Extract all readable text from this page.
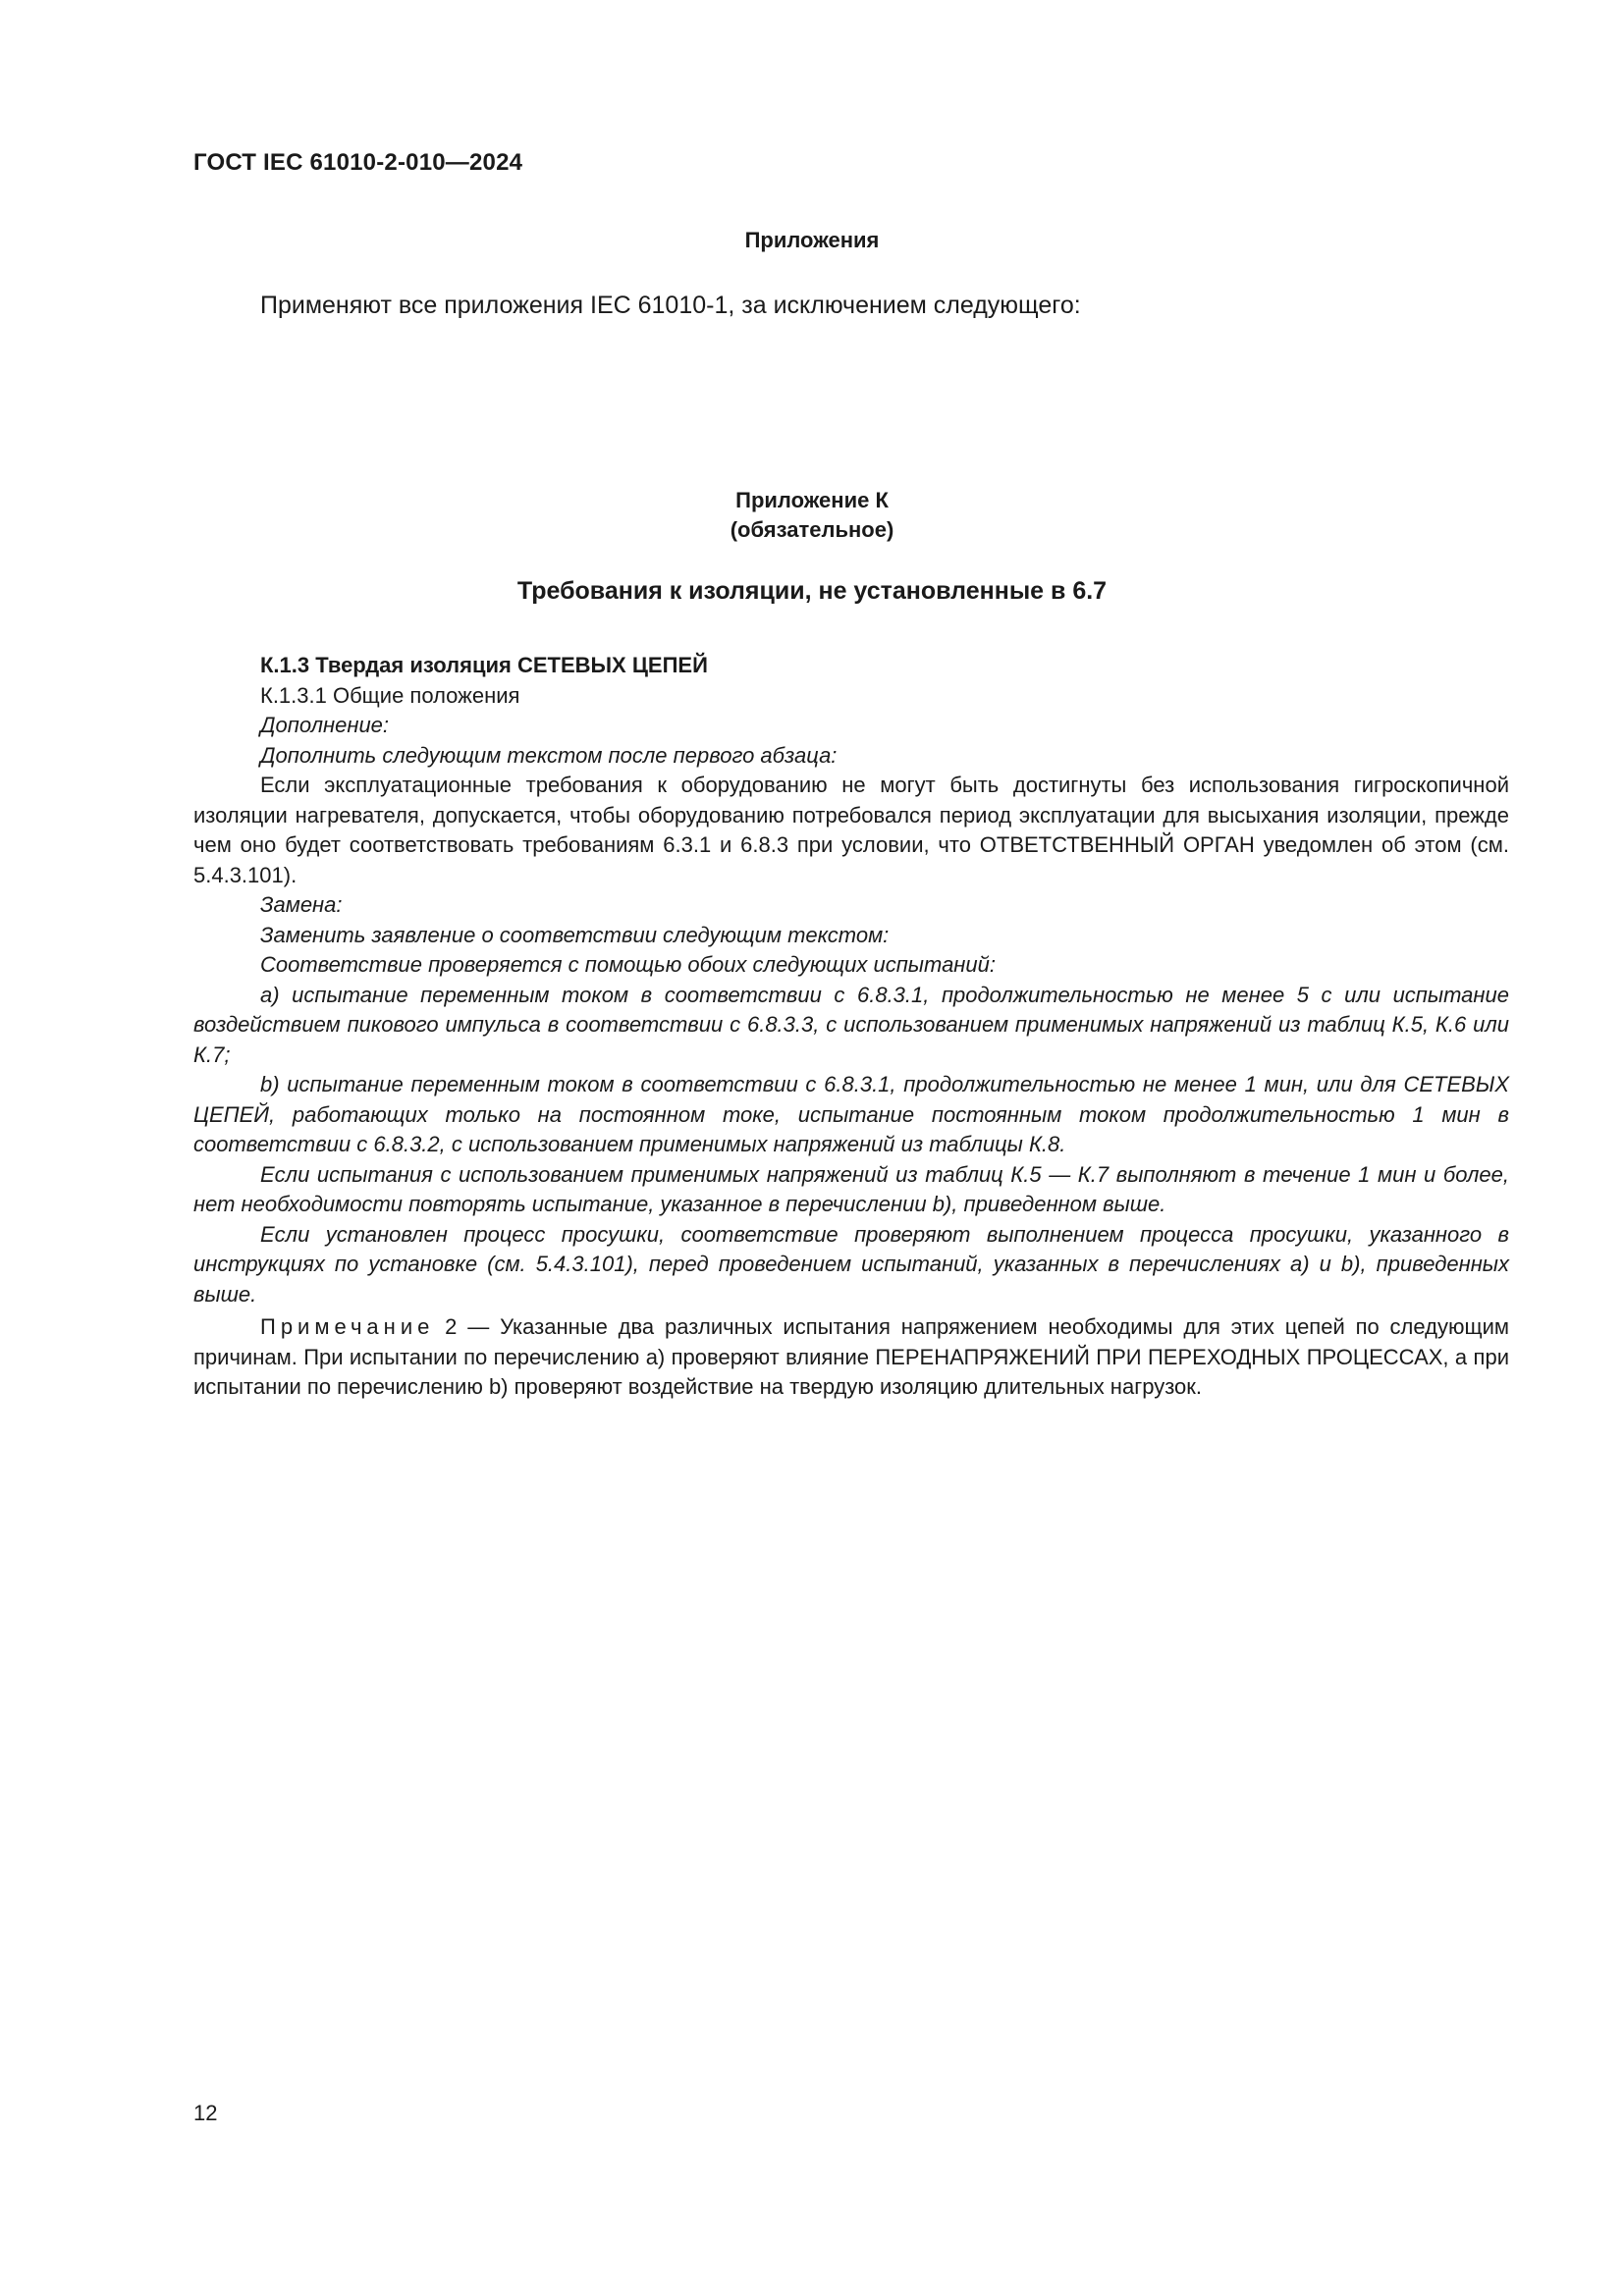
ГОСТ IEC 61010-2-010—2024
Приложения
Применяют все приложения IEC 61010-1, за исключением следующего:
Приложение К
(обязательное)
Требования к изоляции, не установленные в 6.7

К.1.3 Твердая изоляция СЕТЕВЫХ ЦЕПЕЙ

К.1.3.1 Общие положения

Дополнение:

Дополнить следующим текстом после первого абзаца:

Если эксплуатационные требования к оборудованию не могут быть достигнуты без использования гигроскопичной изоляции нагревателя, допускается, чтобы оборудованию потребовался период эксплуатации для высыхания изоляции, прежде чем оно будет соответствовать требованиям 6.3.1 и 6.8.3 при условии, что ОТВЕТСТВЕННЫЙ ОРГАН уведомлен об этом (см. 5.4.3.101).

Замена:

Заменить заявление о соответствии следующим текстом:

Соответствие проверяется с помощью обоих следующих испытаний:

a) испытание переменным током в соответствии с 6.8.3.1, продолжительностью не менее 5 с или испытание воздействием пикового импульса в соответствии с 6.8.3.3, с использованием применимых напряжений из таблиц К.5, К.6 или К.7;

b) испытание переменным током в соответствии с 6.8.3.1, продолжительностью не менее 1 мин, или для СЕТЕВЫХ ЦЕПЕЙ, работающих только на постоянном токе, испытание постоянным током продолжительностью 1 мин в соответствии с 6.8.3.2, с использованием применимых напряжений из таблицы К.8.

Если испытания с использованием применимых напряжений из таблиц К.5 — К.7 выполняют в течение 1 мин и более, нет необходимости повторять испытание, указанное в перечислении b), приведенном выше.

Если установлен процесс просушки, соответствие проверяют выполнением процесса просушки, указанного в инструкциях по установке (см. 5.4.3.101), перед проведением испытаний, указанных в перечислениях а) и b), приведенных выше.

Примечание 2 — Указанные два различных испытания напряжением необходимы для этих цепей по следующим причинам. При испытании по перечислению а) проверяют влияние ПЕРЕНАПРЯЖЕНИЙ ПРИ ПЕРЕХОДНЫХ ПРОЦЕССАХ, а при испытании по перечислению b) проверяют воздействие на твердую изоляцию длительных нагрузок.

12
